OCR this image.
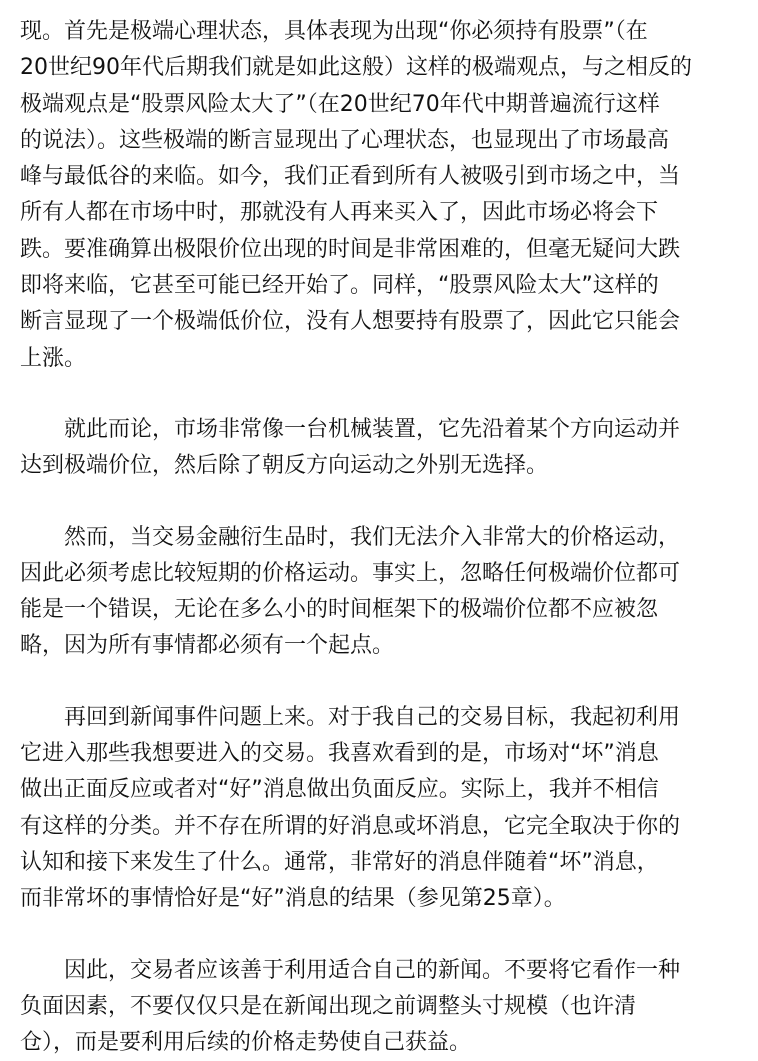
现。首先是极端心理状态，具体表现为出现“你必须持有股票”（在
20世纪90年代后期我们就是如此这般）这样的极端观点，与之相反的
极端观点是“股票风险太大了”（在20世纪70年代中期普遍流行这样
的说法）。这些极端的断言显现出了心理状态，也显现出了市场最高
峰与最低谷的来临。如今，我们正看到所有人被吸引到市场之中，当
所有人都在市场中时，那就没有人再来买入了，因此市场必将会下
跌。要准确算出极限价位出现的时间是非常困难的，但毫无疑问大跌
即将来临，它甚至可能已经开始了。同样，“股票风险太大”这样的
断言显现了一个极端低价位，没有人想要持有股票了，因此它只能会
上涨。
就此而论，市场非常像一台机械装置，它先沿着某个方向运动并
达到极端价位，然后除了朝反方向运动之外别无选择。
然而，当交易金融衍生品时，我们无法介入非常大的价格运动，
因此必须考虑比较短期的价格运动。事实上，忽略任何极端价位都可
能是一个错误，无论在多么小的时间框架下的极端价位都不应被忽
略，因为所有事情都必须有一个起点。
再回到新闻事件问题上来。对于我自己的交易目标，我起初利用
它进入那些我想要进入的交易。我喜欢看到的是，市场对“坏”消息
做出正面反应或者对“好”消息做出负面反应。实际上，我并不相信
有这样的分类。并不存在所谓的好消息或坏消息，它完全取决于你的
认知和接下来发生了什么。通常，非常好的消息伴随着“坏”消息，
而非常坏的事情恰好是“好”消息的结果（参见第25章）。
因此，交易者应该善于利用适合自己的新闻。不要将它看作一种
负面因素，不要仅仅只是在新闻出现之前调整头寸规模（也许清
仓），而是要利用后续的价格走势使自己获益。
